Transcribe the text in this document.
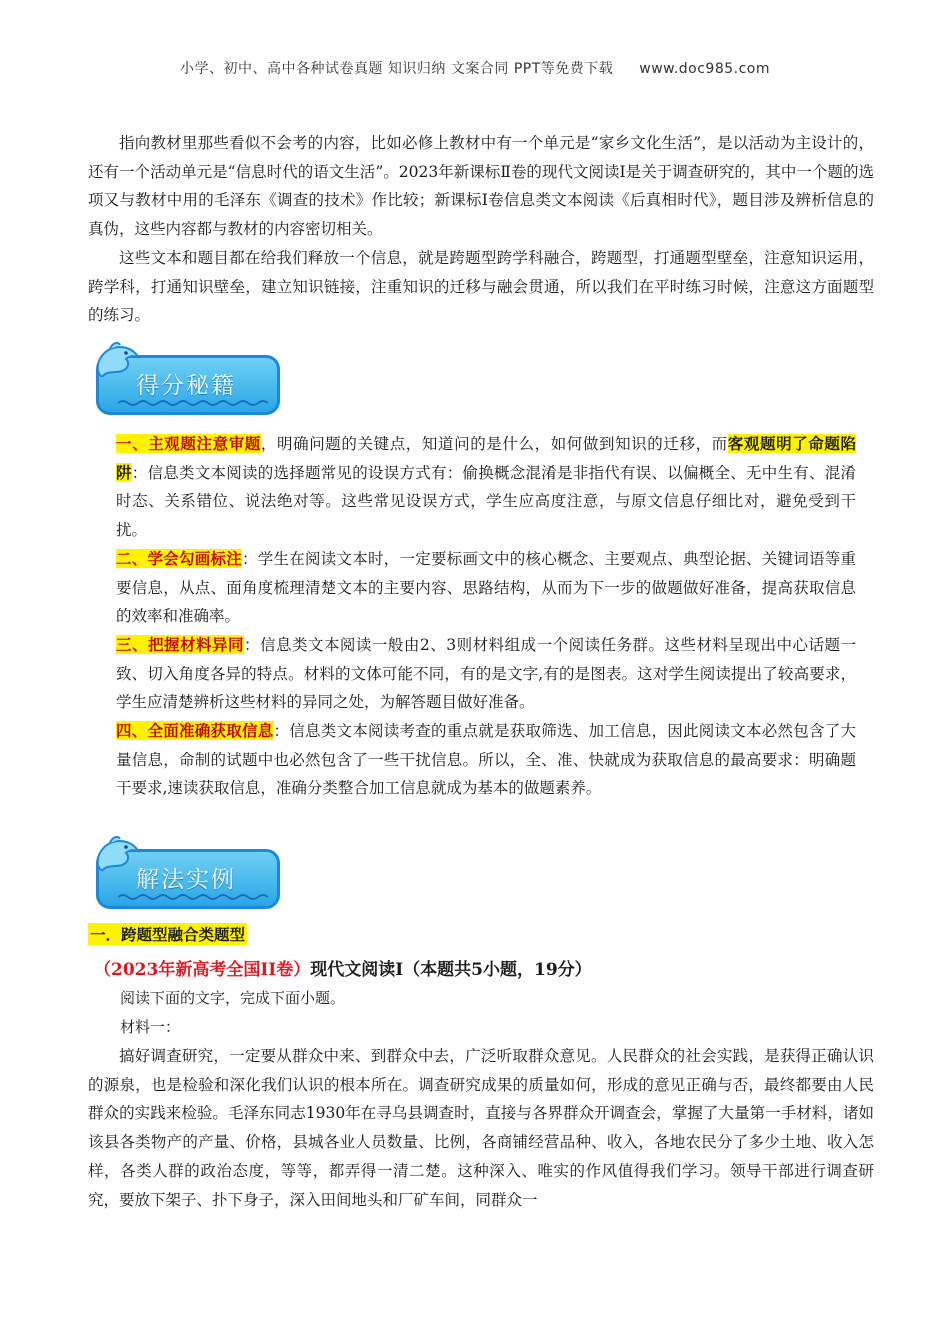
小学、初中、高中各种试卷真题 知识归纳 文案合同 PPT等免费下载 www.doc985.com

指向教材里那些看似不会考的内容，比如必修上教材中有一个单元是“家乡文化生活”，是以活动为主设计的，还有一个活动单元是“信息时代的语文生活”。2023年新课标Ⅱ卷的现代文阅读Ⅰ是关于调查研究的，其中一个题的选项又与教材中用的毛泽东《调查的技术》作比较；新课标Ⅰ卷信息类文本阅读《后真相时代》，题目涉及辨析信息的真伪，这些内容都与教材的内容密切相关。

这些文本和题目都在给我们释放一个信息，就是跨题型跨学科融合，跨题型，打通题型壁垒，注意知识运用，跨学科，打通知识壁垒，建立知识链接，注重知识的迁移与融会贯通，所以我们在平时练习时候，注意这方面题型的练习。

得分秘籍

一、主观题注意审题，明确问题的关键点，知道问的是什么，如何做到知识的迁移，而客观题明了命题陷阱：信息类文本阅读的选择题常见的设误方式有：偷换概念混淆是非指代有误、以偏概全、无中生有、混淆时态、关系错位、说法绝对等。这些常见设误方式，学生应高度注意，与原文信息仔细比对，避免受到干扰。

二、学会勾画标注：学生在阅读文本时，一定要标画文中的核心概念、主要观点、典型论据、关键词语等重要信息，从点、面角度梳理清楚文本的主要内容、思路结构，从而为下一步的做题做好准备，提高获取信息的效率和准确率。

三、把握材料异同：信息类文本阅读一般由2、3则材料组成一个阅读任务群。这些材料呈现出中心话题一致、切入角度各异的特点。材料的文体可能不同，有的是文字,有的是图表。这对学生阅读提出了较高要求，学生应清楚辨析这些材料的异同之处，为解答题目做好准备。

四、全面准确获取信息：信息类文本阅读考查的重点就是获取筛选、加工信息，因此阅读文本必然包含了大量信息，命制的试题中也必然包含了一些干扰信息。所以，全、准、快就成为获取信息的最高要求：明确题干要求,速读获取信息，准确分类整合加工信息就成为基本的做题素养。

解法实例
一．跨题型融合类题型
（2023年新高考全国II卷）现代文阅读Ⅰ（本题共5小题，19分）
阅读下面的文字，完成下面小题。
材料一：

搞好调查研究，一定要从群众中来、到群众中去，广泛听取群众意见。人民群众的社会实践，是获得正确认识的源泉，也是检验和深化我们认识的根本所在。调查研究成果的质量如何，形成的意见正确与否，最终都要由人民群众的实践来检验。毛泽东同志1930年在寻乌县调查时，直接与各界群众开调查会，掌握了大量第一手材料，诸如该县各类物产的产量、价格，县城各业人员数量、比例，各商铺经营品种、收入，各地农民分了多少土地、收入怎样，各类人群的政治态度，等等，都弄得一清二楚。这种深入、唯实的作风值得我们学习。领导干部进行调查研究，要放下架子、扑下身子，深入田间地头和厂矿车间，同群众一
